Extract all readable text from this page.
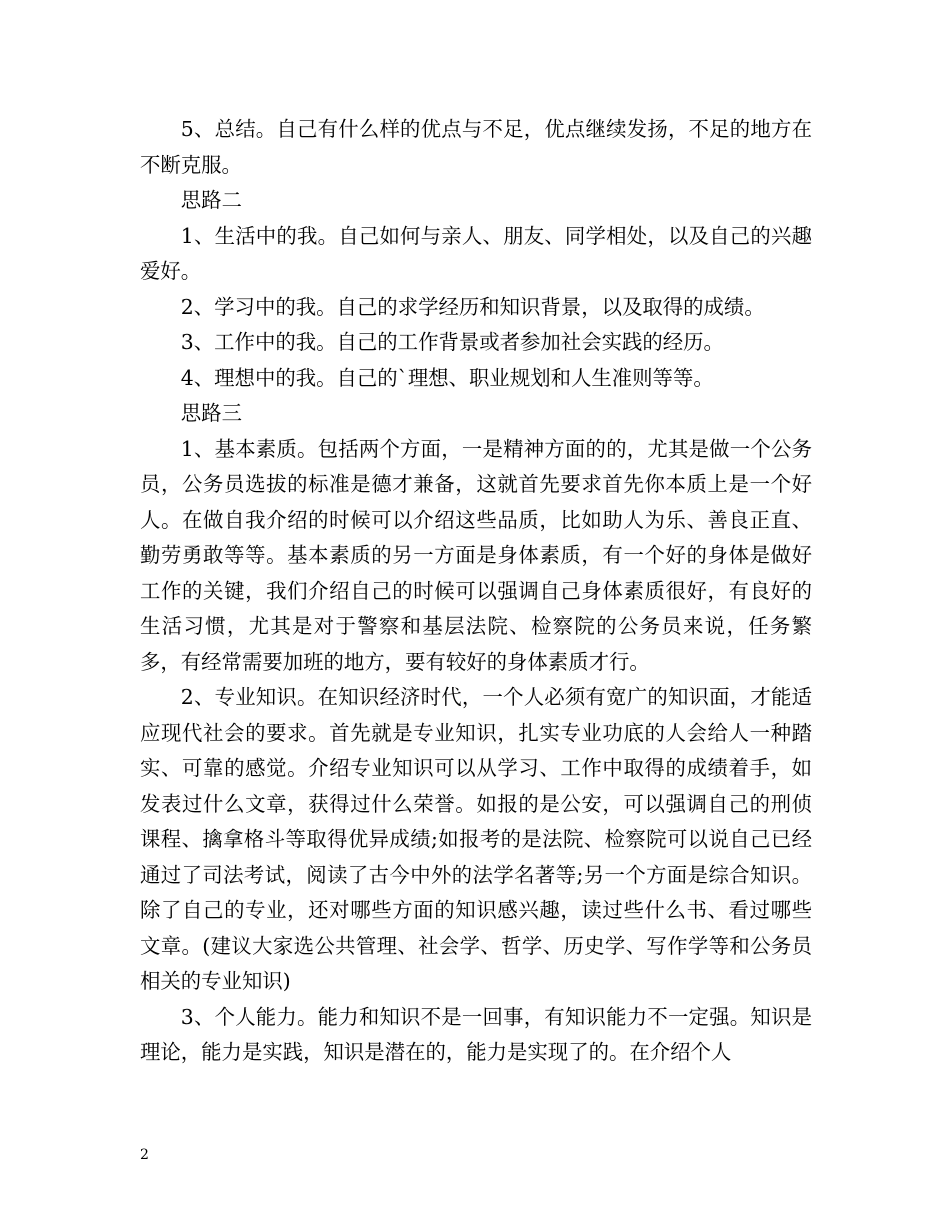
5、总结。自己有什么样的优点与不足，优点继续发扬，不足的地方在不断克服。

思路二

1、生活中的我。自己如何与亲人、朋友、同学相处，以及自己的兴趣爱好。

2、学习中的我。自己的求学经历和知识背景，以及取得的成绩。

3、工作中的我。自己的工作背景或者参加社会实践的经历。

4、理想中的我。自己的`理想、职业规划和人生准则等等。

思路三

1、基本素质。包括两个方面，一是精神方面的的，尤其是做一个公务员，公务员选拔的标准是德才兼备，这就首先要求首先你本质上是一个好人。在做自我介绍的时候可以介绍这些品质，比如助人为乐、善良正直、勤劳勇敢等等。基本素质的另一方面是身体素质，有一个好的身体是做好工作的关键，我们介绍自己的时候可以强调自己身体素质很好，有良好的生活习惯，尤其是对于警察和基层法院、检察院的公务员来说，任务繁多，有经常需要加班的地方，要有较好的身体素质才行。

2、专业知识。在知识经济时代，一个人必须有宽广的知识面，才能适应现代社会的要求。首先就是专业知识，扎实专业功底的人会给人一种踏实、可靠的感觉。介绍专业知识可以从学习、工作中取得的成绩着手，如发表过什么文章，获得过什么荣誉。如报的是公安，可以强调自己的刑侦课程、擒拿格斗等取得优异成绩;如报考的是法院、检察院可以说自己已经通过了司法考试，阅读了古今中外的法学名著等;另一个方面是综合知识。除了自己的专业，还对哪些方面的知识感兴趣，读过些什么书、看过哪些文章。(建议大家选公共管理、社会学、哲学、历史学、写作学等和公务员相关的专业知识)

3、个人能力。能力和知识不是一回事，有知识能力不一定强。知识是理论，能力是实践，知识是潜在的，能力是实现了的。在介绍个人

2
